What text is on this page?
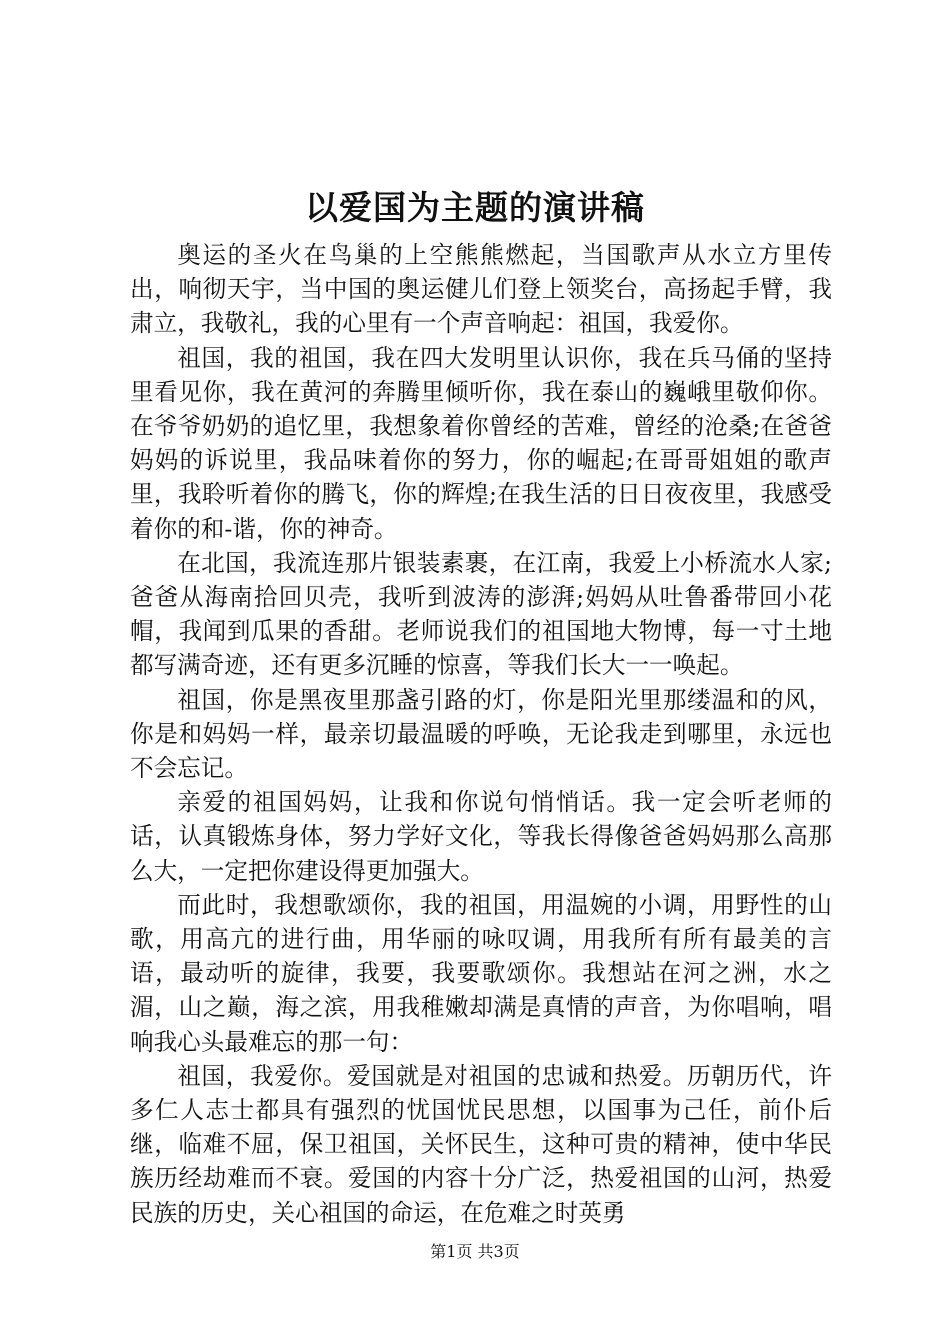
以爱国为主题的演讲稿

奥运的圣火在鸟巢的上空熊熊燃起，当国歌声从水立方里传出，响彻天宇，当中国的奥运健儿们登上领奖台，高扬起手臂，我肃立，我敬礼，我的心里有一个声音响起：祖国，我爱你。

祖国，我的祖国，我在四大发明里认识你，我在兵马俑的坚持里看见你，我在黄河的奔腾里倾听你，我在泰山的巍峨里敬仰你。在爷爷奶奶的追忆里，我想象着你曾经的苦难，曾经的沧桑;在爸爸妈妈的诉说里，我品味着你的努力，你的崛起;在哥哥姐姐的歌声里，我聆听着你的腾飞，你的辉煌;在我生活的日日夜夜里，我感受着你的和-谐，你的神奇。

在北国，我流连那片银装素裹，在江南，我爱上小桥流水人家;爸爸从海南拾回贝壳，我听到波涛的澎湃;妈妈从吐鲁番带回小花帽，我闻到瓜果的香甜。老师说我们的祖国地大物博，每一寸土地都写满奇迹，还有更多沉睡的惊喜，等我们长大一一唤起。

祖国，你是黑夜里那盏引路的灯，你是阳光里那缕温和的风，你是和妈妈一样，最亲切最温暖的呼唤，无论我走到哪里，永远也不会忘记。

亲爱的祖国妈妈，让我和你说句悄悄话。我一定会听老师的话，认真锻炼身体，努力学好文化，等我长得像爸爸妈妈那么高那么大，一定把你建设得更加强大。

而此时，我想歌颂你，我的祖国，用温婉的小调，用野性的山歌，用高亢的进行曲，用华丽的咏叹调，用我所有所有最美的言语，最动听的旋律，我要，我要歌颂你。我想站在河之洲，水之湄，山之巅，海之滨，用我稚嫩却满是真情的声音，为你唱响，唱响我心头最难忘的那一句：

祖国，我爱你。爱国就是对祖国的忠诚和热爱。历朝历代，许多仁人志士都具有强烈的忧国忧民思想，以国事为己任，前仆后继，临难不屈，保卫祖国，关怀民生，这种可贵的精神，使中华民族历经劫难而不衰。爱国的内容十分广泛，热爱祖国的山河，热爱民族的历史，关心祖国的命运，在危难之时英勇

第1页 共3页
